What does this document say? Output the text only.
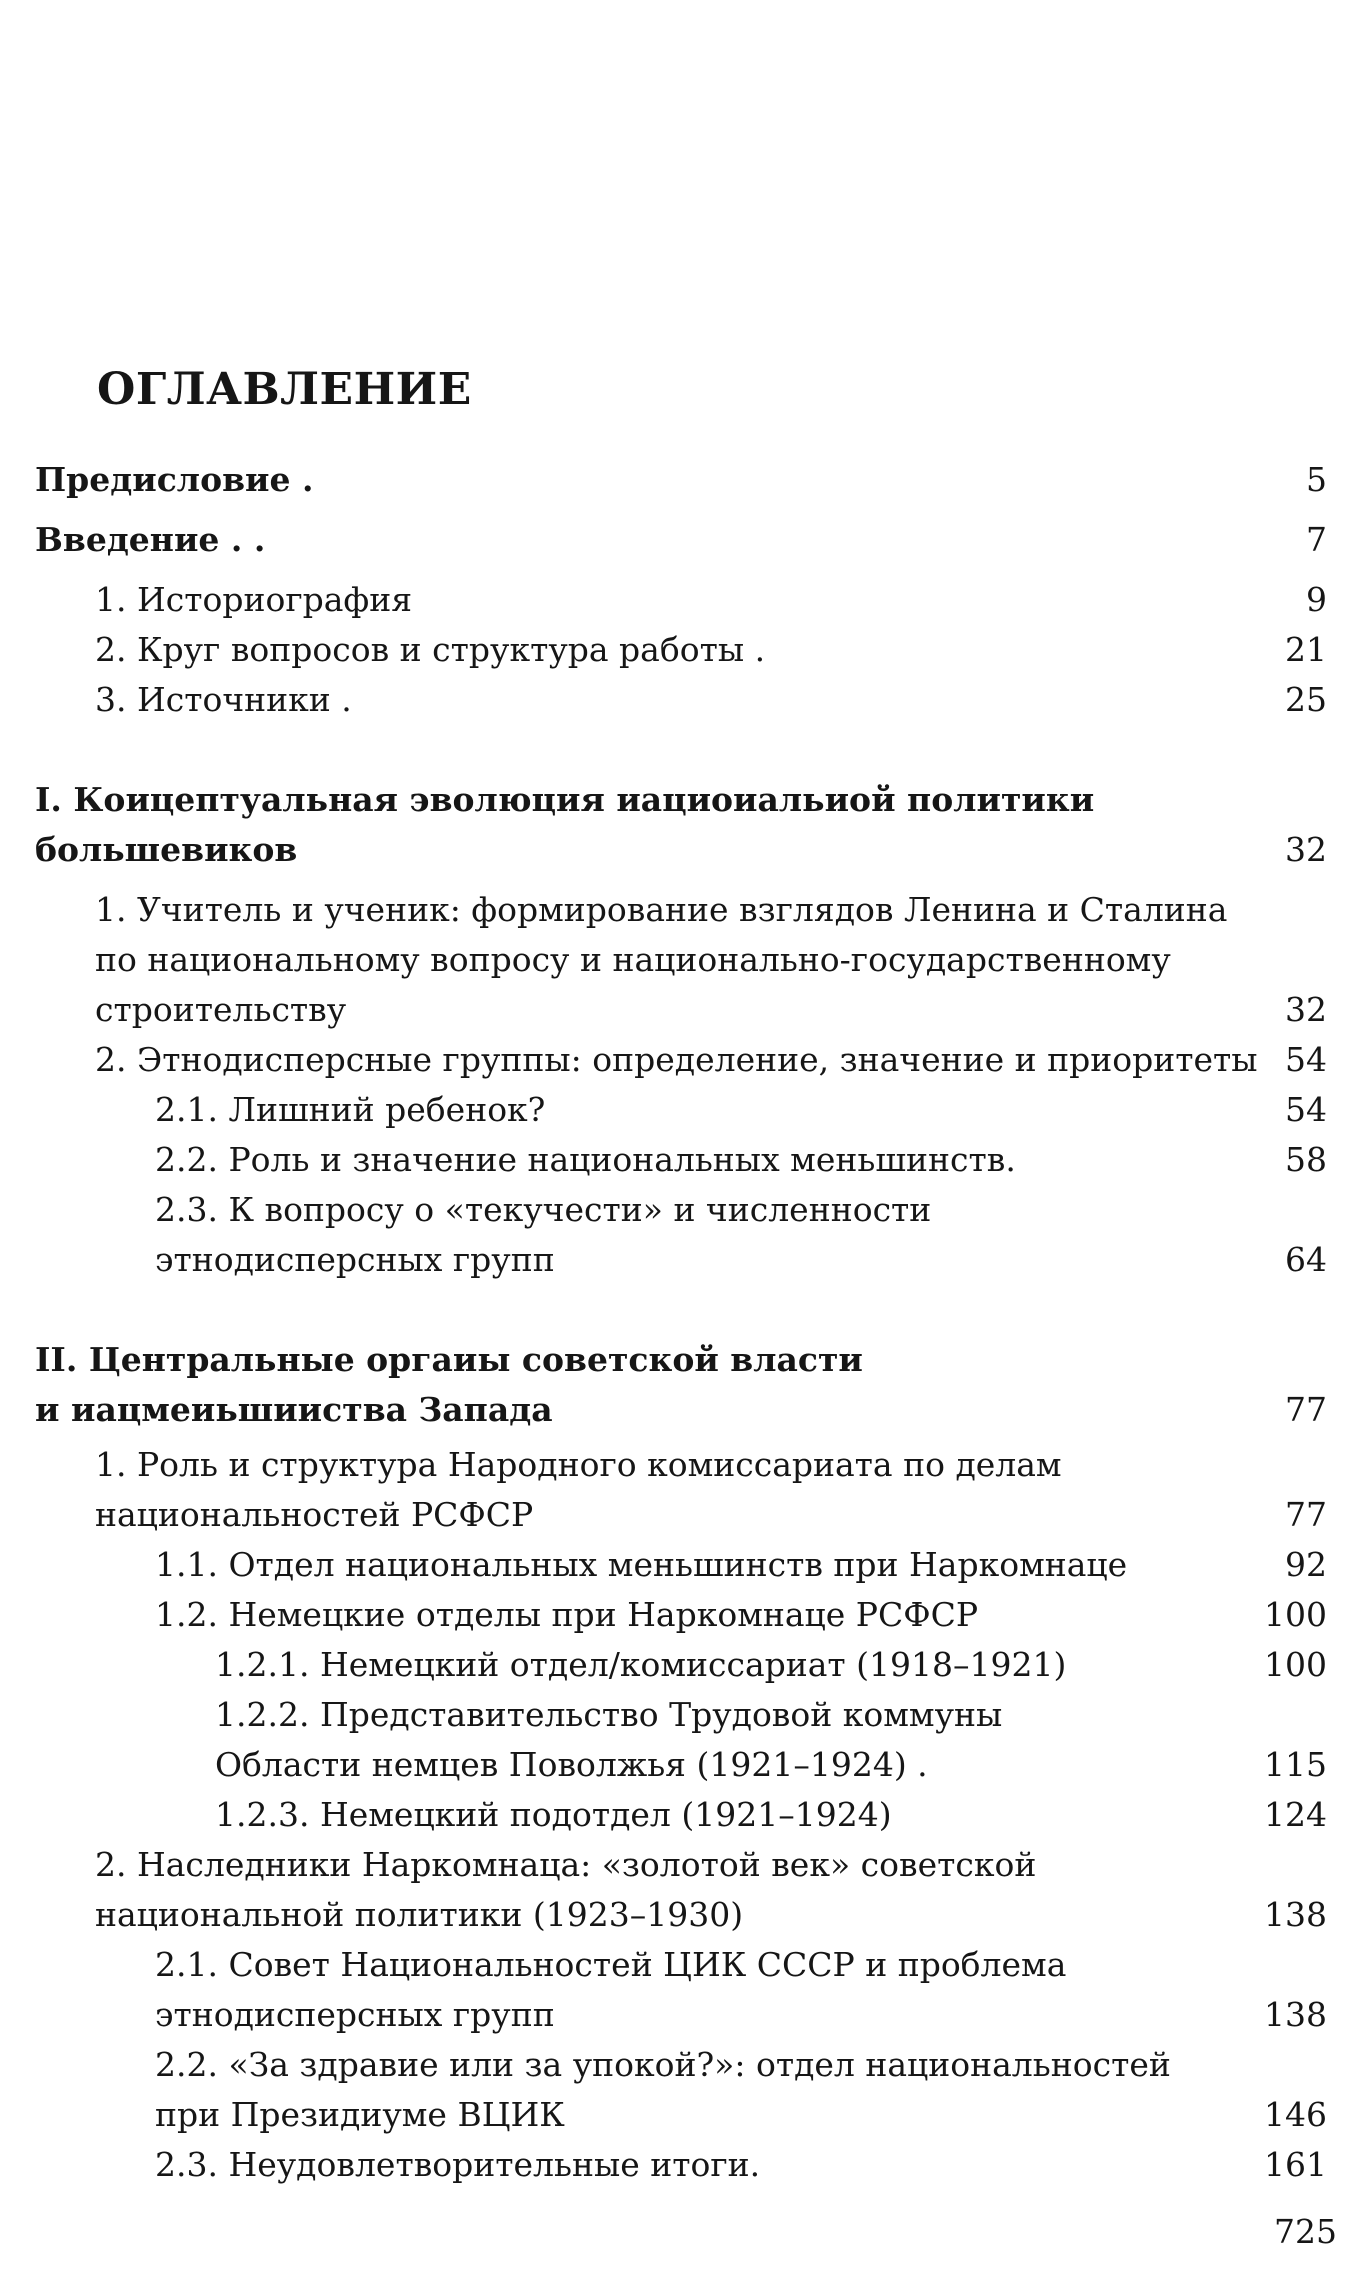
ОГЛАВЛЕНИЕ
Предисловие .	5
Введение . .	7
1. Историография	9
2. Круг вопросов и структура работы .	21
3. Источники .	25
I. Коицептуальная эволюция иациоиальиой политики
большевиков	32
1. Учитель и ученик: формирование взглядов Ленина и Сталина
по национальному вопросу и национально-государственному
строительству	32
2. Этнодисперсные группы: определение, значение и приоритеты 54
2.1. Лишний ребенок?	54
2.2. Роль и значение национальных меньшинств.	58
2.3. К вопросу о «текучести» и численности
этнодисперсных групп	64
II. Центральные оргаиы советской власти
и иацмеиьшииства Запада	77
1. Роль и структура Народного комиссариата по делам
национальностей РСФСР	77
1.1. Отдел национальных меньшинств при Наркомнаце	92
1.2. Немецкие отделы при Наркомнаце РСФСР	100
1.2.1. Немецкий отдел/комиссариат (1918–1921)	100
1.2.2. Представительство Трудовой коммуны
Области немцев Поволжья (1921–1924) .	115
1.2.3. Немецкий подотдел (1921–1924)	124
2. Наследники Наркомнаца: «золотой век» советской
национальной политики (1923–1930)	138
2.1. Совет Национальностей ЦИК СССР и проблема
этнодисперсных групп	138
2.2. «За здравие или за упокой?»: отдел национальностей
при Президиуме ВЦИК	146
2.3. Неудовлетворительные итоги.	161
725
